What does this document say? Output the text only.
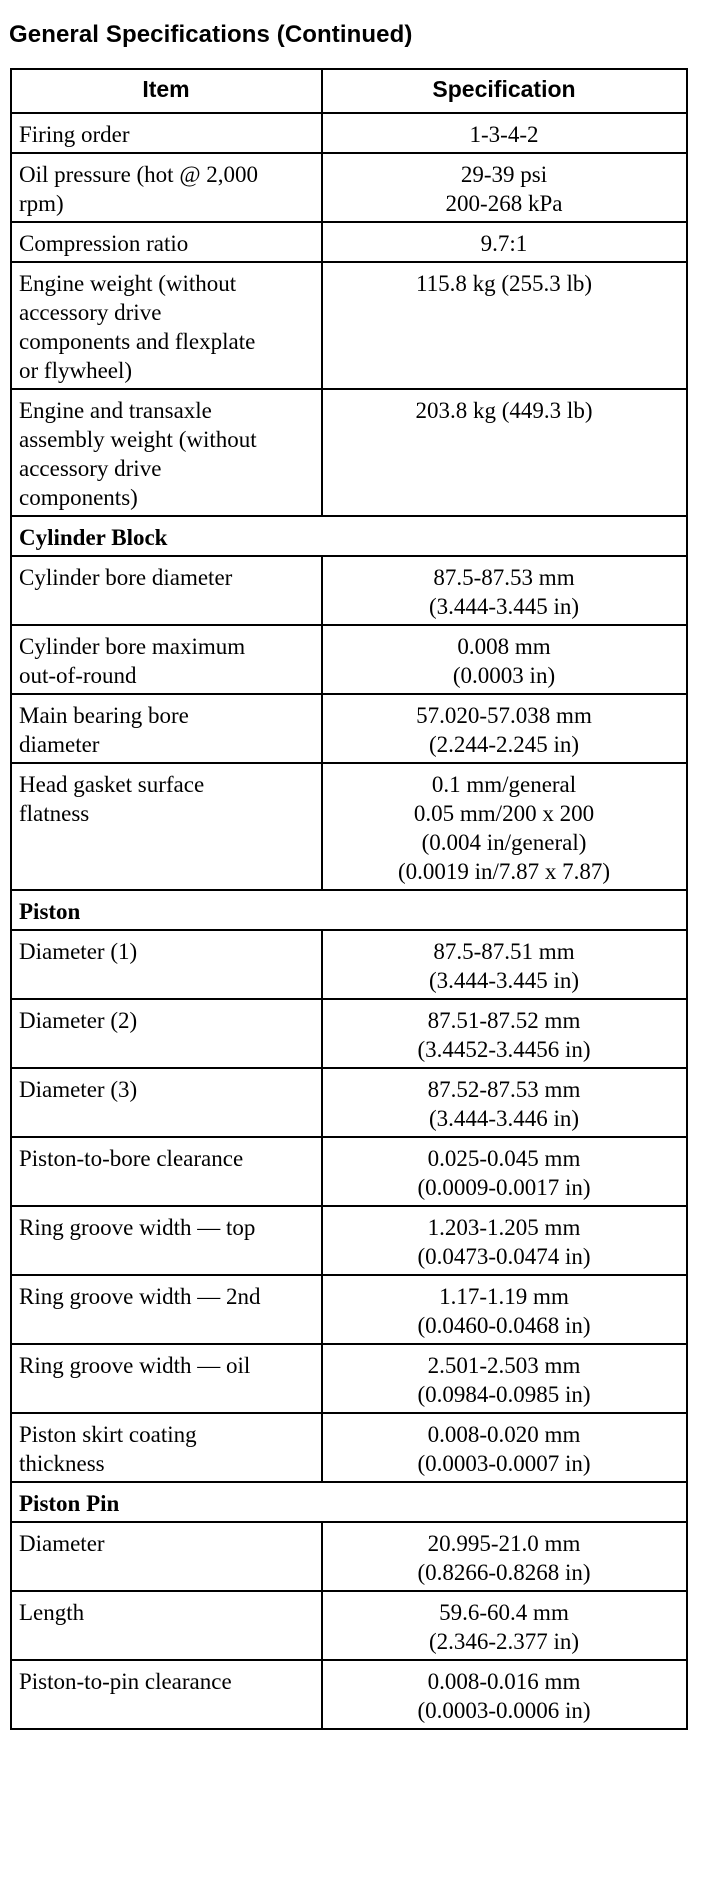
General Specifications (Continued)
Item	Specification

Firing order	1-3-4-2

Oil pressure (hot @ 2,000
rpm)	29-39 psi
200-268 kPa

Compression ratio	9.7:1

Engine weight (without
accessory drive
components and flexplate
or flywheel)	115.8 kg (255.3 lb)

Engine and transaxle
assembly weight (without
accessory drive
components)	203.8 kg (449.3 lb)

Cylinder Block	

Cylinder bore diameter	87.5-87.53 mm
(3.444-3.445 in)

Cylinder bore maximum
out-of-round	0.008 mm
(0.0003 in)

Main bearing bore
diameter	57.020-57.038 mm
(2.244-2.245 in)

Head gasket surface
flatness	0.1 mm/general
0.05 mm/200 x 200
(0.004 in/general)
(0.0019 in/7.87 x 7.87)

Piston	

Diameter (1)	87.5-87.51 mm
(3.444-3.445 in)

Diameter (2)	87.51-87.52 mm
(3.4452-3.4456 in)

Diameter (3)	87.52-87.53 mm
(3.444-3.446 in)

Piston-to-bore clearance	0.025-0.045 mm
(0.0009-0.0017 in)

Ring groove width — top	1.203-1.205 mm
(0.0473-0.0474 in)

Ring groove width — 2nd	1.17-1.19 mm
(0.0460-0.0468 in)

Ring groove width — oil	2.501-2.503 mm
(0.0984-0.0985 in)

Piston skirt coating
thickness	0.008-0.020 mm
(0.0003-0.0007 in)

Piston Pin	

Diameter	20.995-21.0 mm
(0.8266-0.8268 in)

Length	59.6-60.4 mm
(2.346-2.377 in)

Piston-to-pin clearance	0.008-0.016 mm
(0.0003-0.0006 in)
